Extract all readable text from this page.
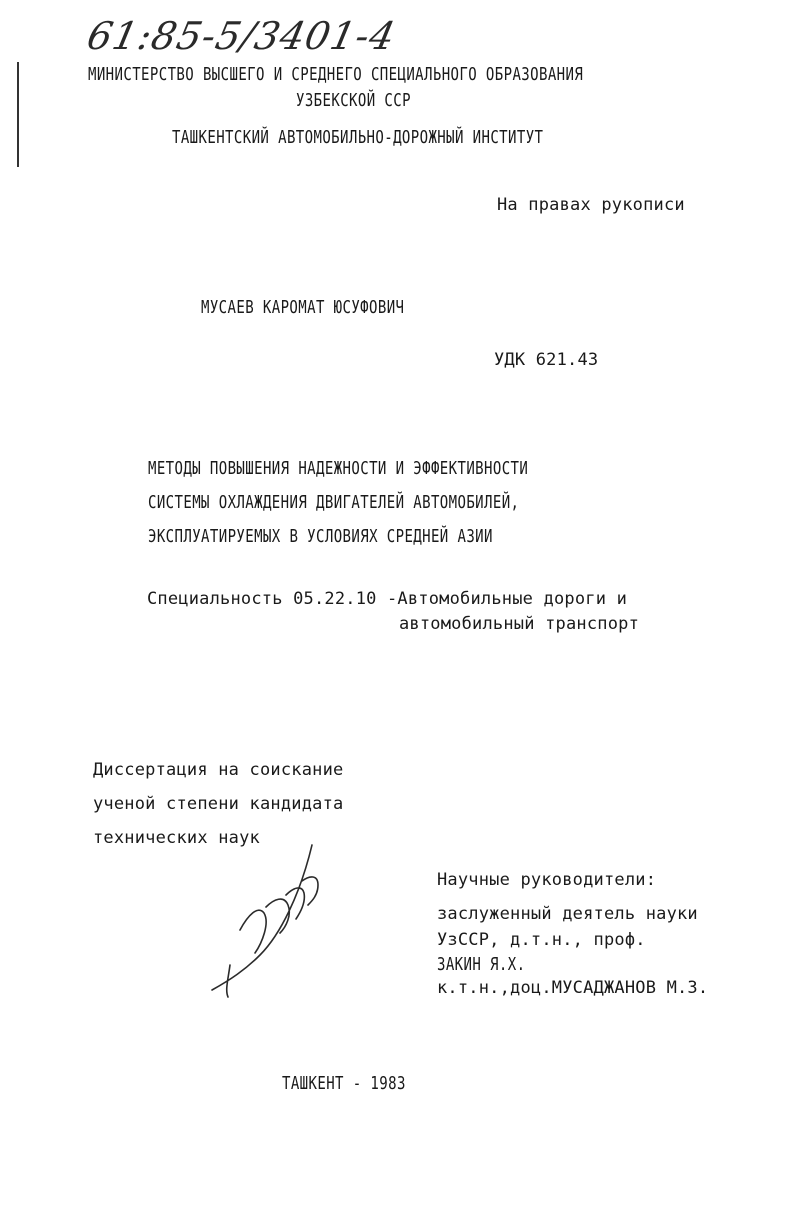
61:85-5/3401-4
МИНИСТЕРСТВО ВЫСШЕГО И СРЕДНЕГО СПЕЦИАЛЬНОГО ОБРАЗОВАНИЯ
УЗБЕКСКОЙ ССР
ТАШКЕНТСКИЙ АВТОМОБИЛЬНО-ДОРОЖНЫЙ ИНСТИТУТ
На правах рукописи
МУСАЕВ КАРОМАТ ЮСУФОВИЧ
УДК 621.43
МЕТОДЫ ПОВЫШЕНИЯ НАДЕЖНОСТИ И ЭФФЕКТИВНОСТИ
СИСТЕМЫ ОХЛАЖДЕНИЯ ДВИГАТЕЛЕЙ АВТОМОБИЛЕЙ,
ЭКСПЛУАТИРУЕМЫХ В УСЛОВИЯХ СРЕДНЕЙ АЗИИ
Специальность 05.22.10 -Автомобильные дороги и
автомобильный транспорт
Диссертация на соискание
ученой степени кандидата
технических наук
Научные руководители:
заслуженный деятель науки
УзССР, д.т.н., проф.
ЗАКИН Я.Х.
к.т.н.,доц.МУСАДЖАНОВ М.З.
ТАШКЕНТ - 1983
